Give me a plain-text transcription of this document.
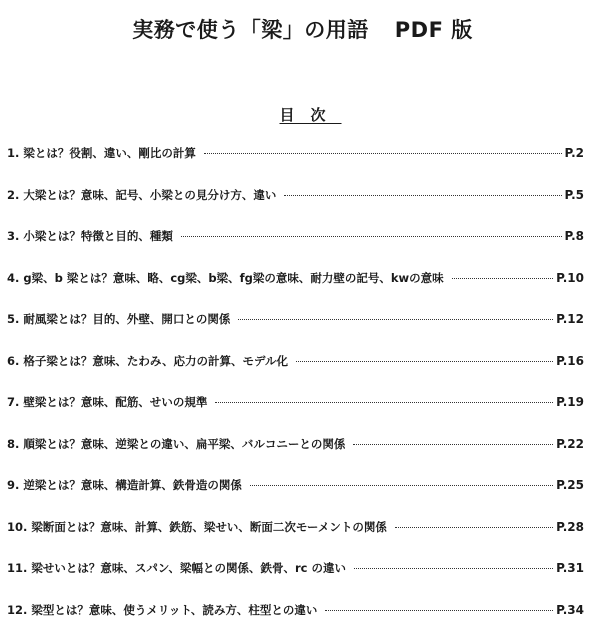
実務で使う「梁」の用語 PDF 版
目次
1. 梁とは？役割、違い、剛比の計算	P.2
2. 大梁とは？意味、記号、小梁との見分け方、違い	P.5
3. 小梁とは？特徴と目的、種類	P.8
4. g梁、b 梁とは？意味、略、cg梁、b梁、fg梁の意味、耐力壁の記号、kwの意味	P.10
5. 耐風梁とは？目的、外壁、開口との関係	P.12
6. 格子梁とは？意味、たわみ、応力の計算、モデル化	P.16
7. 壁梁とは？意味、配筋、せいの規準	P.19
8. 順梁とは？意味、逆梁との違い、扁平梁、バルコニーとの関係	P.22
9. 逆梁とは？意味、構造計算、鉄骨造の関係	P.25
10. 梁断面とは？意味、計算、鉄筋、梁せい、断面二次モーメントの関係	P.28
11. 梁せいとは？意味、スパン、梁幅との関係、鉄骨、rc の違い	P.31
12. 梁型とは？意味、使うメリット、読み方、柱型との違い	P.34
